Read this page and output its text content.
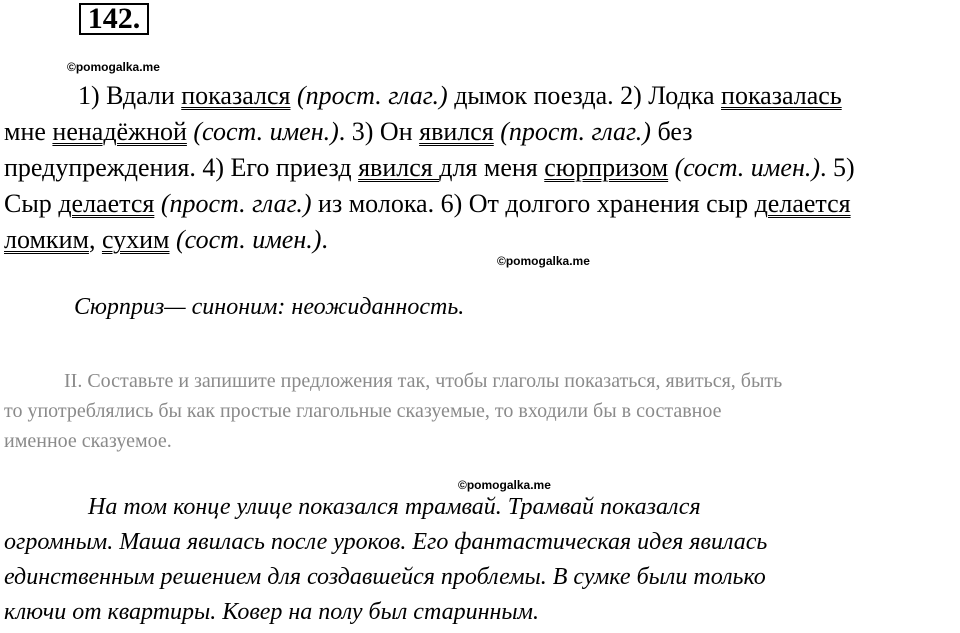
142.
©pomogalka.me
1) Вдали показался (прост. глаг.) дымок поезда. 2) Лодка показалась
мне ненадёжной (сост. имен.). 3) Он явился (прост. глаг.) без
предупреждения. 4) Его приезд явился для меня сюрпризом (сост. имен.). 5)
Сыр делается (прост. глаг.) из молока. 6) От долгого хранения сыр делается
ломким, сухим (сост. имен.).
©pomogalka.me
Сюрприз— синоним: неожиданность.
II. Составьте и запишите предложения так, чтобы глаголы показаться, явиться, быть
то употреблялись бы как простые глагольные сказуемые, то входили бы в составное
именное сказуемое.
©pomogalka.me
На том конце улице показался трамвай. Трамвай показался
огромным. Маша явилась после уроков. Его фантастическая идея явилась
единственным решением для создавшейся проблемы. В сумке были только
ключи от квартиры. Ковер на полу был старинным.
